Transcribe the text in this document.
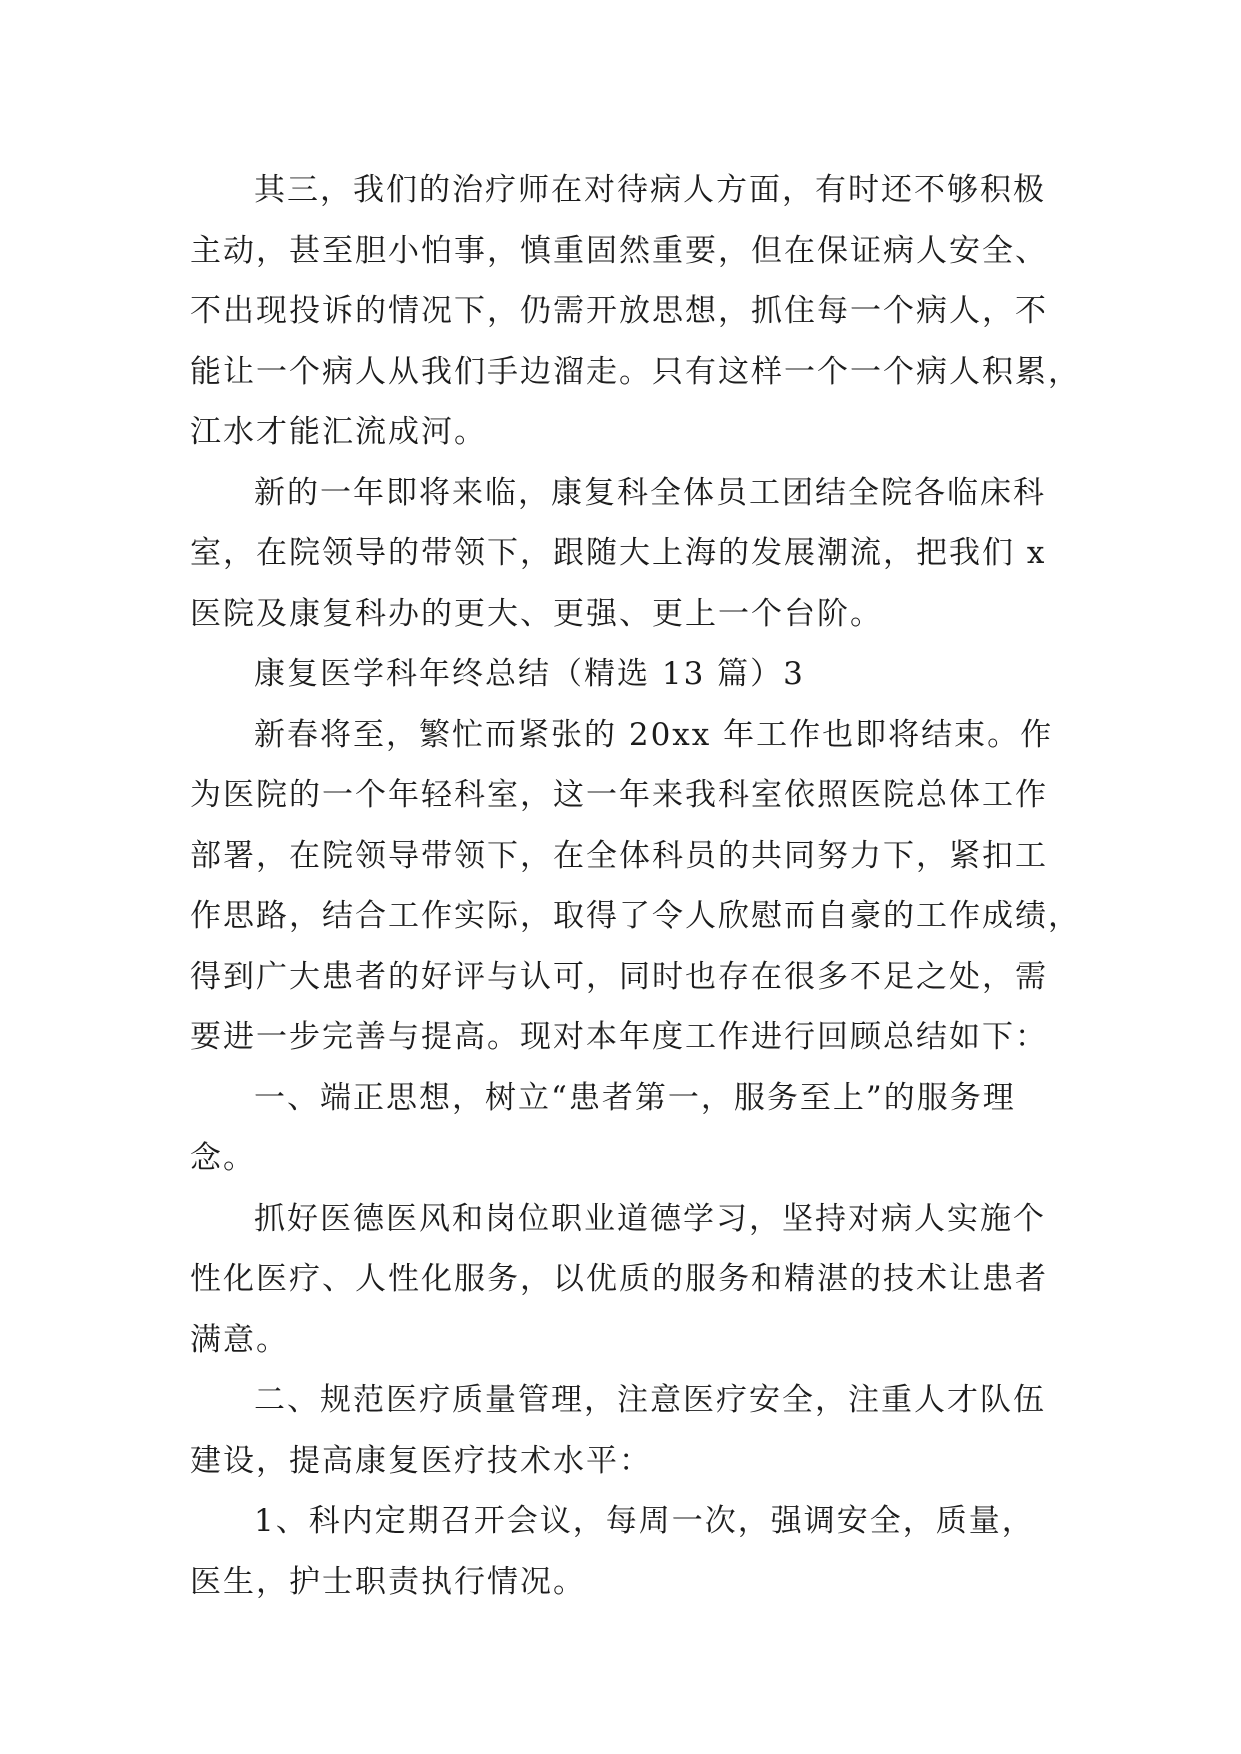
其三，我们的治疗师在对待病人方面，有时还不够积极
主动，甚至胆小怕事，慎重固然重要，但在保证病人安全、
不出现投诉的情况下，仍需开放思想，抓住每一个病人，不
能让一个病人从我们手边溜走。只有这样一个一个病人积累，
江水才能汇流成河。

新的一年即将来临，康复科全体员工团结全院各临床科
室，在院领导的带领下，跟随大上海的发展潮流，把我们 x
医院及康复科办的更大、更强、更上一个台阶。

康复医学科年终总结（精选 13 篇）3

新春将至，繁忙而紧张的 20xx 年工作也即将结束。作
为医院的一个年轻科室，这一年来我科室依照医院总体工作
部署，在院领导带领下，在全体科员的共同努力下，紧扣工
作思路，结合工作实际，取得了令人欣慰而自豪的工作成绩，
得到广大患者的好评与认可，同时也存在很多不足之处，需
要进一步完善与提高。现对本年度工作进行回顾总结如下：

一、端正思想，树立“患者第一，服务至上”的服务理
念。

抓好医德医风和岗位职业道德学习，坚持对病人实施个
性化医疗、人性化服务，以优质的服务和精湛的技术让患者
满意。

二、规范医疗质量管理，注意医疗安全，注重人才队伍
建设，提高康复医疗技术水平：

1、科内定期召开会议，每周一次，强调安全，质量，
医生，护士职责执行情况。
